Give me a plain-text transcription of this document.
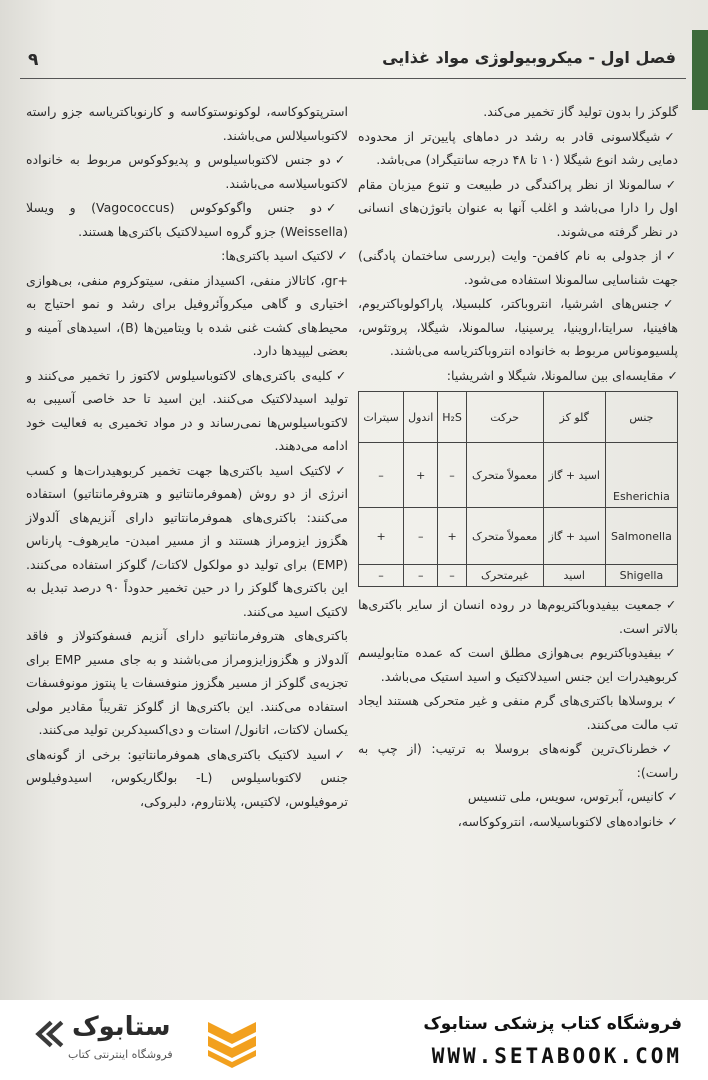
۹	فصل اول - میکروبیولوژی مواد غذایی

گلوکز را بدون تولید گاز تخمیر می‌کند.

✓شیگلاسونی قادر به رشد در دماهای پایین‌تر از محدوده دمایی رشد انوع شیگلا (۱۰ تا ۴۸ درجه سانتیگراد) می‌باشد.

✓سالمونلا از نظر پراکندگی در طبیعت و تنوع میزبان مقام اول را دارا می‌باشد و اغلب آنها به عنوان باتوژن‌های انسانی در نظر گرفته می‌شوند.

✓از جدولی به نام کافمن- وایت (بررسی ساختمان پادگنی) جهت شناسایی سالمونلا استفاده می‌شود.

✓جنس‌های اشرشیا، انتروباکتر، کلبسیلا، پاراکولوباکتریوم، هافینیا، سرایتا،اروینیا، یرسینیا، سالمونلا، شیگلا، پروتئوس، پلسیوموناس مربوط به خانواده انتروباکتریاسه می‌باشند.

✓مقایسه‌ای بین سالمونلا، شیگلا و اشریشیا:

جنس	گلو کز	حرکت	H₂S	اندول	سیترات
Esherichia	اسید + گاز	معمولاً متحرک	–	+	–
Salmonella	اسید + گاز	معمولاً متحرک	+	–	+
Shigella	اسید	غیرمتحرک	–	–	–

✓جمعیت بیفیدوباکتریوم‌ها در روده انسان از سایر باکتری‌ها بالاتر است.

✓بیفیدوباکتریوم بی‌هوازی مطلق است که عمده متابولیسم کربوهیدرات این جنس اسیدلاکتیک و اسید استیک می‌باشد.

✓بروسلاها باکتری‌های گرم منفی و غیر متحرکی هستند ایجاد تب مالت می‌کنند.

✓خطرناک‌ترین گونه‌های بروسلا به ترتیب: (از چپ به راست):

✓کانیس، آبرتوس، سویس، ملی تنسیس

✓خانواده‌های لاکتوباسیلاسه، انتروکوکاسه،

استرپتوکوکاسه، لوکونوستوکاسه و کارنوباکتریاسه جزو راسته لاکتوباسیلالس می‌باشند.

✓دو جنس لاکتوباسیلوس و پدیوکوکوس مربوط به خانواده لاکتوباسیلاسه می‌باشند.

✓دو جنس واگوکوکوس (Vagococcus) و ویسلا (Weissella) جزو گروه اسیدلاکتیک باکتری‌ها هستند.

✓لاکتیک اسید باکتری‌ها:

+gr، کاتالاز منفی، اکسیداز منفی، سیتوکروم منفی، بی‌هوازی اختیاری و گاهی میکروآئروفیل برای رشد و نمو احتیاج به محیط‌های کشت غنی شده با ویتامین‌ها (B)، اسیدهای آمینه و بعضی لیپیدها دارد.

✓کلیه‌ی باکتری‌های لاکتوباسیلوس لاکتوز را تخمیر می‌کنند و تولید اسیدلاکتیک می‌کنند. این اسید تا حد خاصی آسیبی به لاکتوباسیلوس‌ها نمی‌رساند و در مواد تخمیری به فعالیت خود ادامه می‌دهند.

✓لاکتیک اسید باکتری‌ها جهت تخمیر کربوهیدرات‌ها و کسب انرژی از دو روش (هموفرمانتاتیو و هتروفرمانتاتیو) استفاده می‌کنند: باکتری‌های هموفرمانتاتیو دارای آنزیم‌های آلدولاز هگزوز ایزومراز هستند و از مسیر امبدن- مایرهوف- پارناس (EMP) برای تولید دو مولکول لاکتات/ گلوکز استفاده می‌کنند. این باکتری‌ها گلوکز را در حین تخمیر حدوداً ۹۰ درصد تبدیل به لاکتیک اسید می‌کنند.

باکتری‌های هتروفرمانتاتیو دارای آنزیم فسفوکتولاز و فاقد آلدولاز و هگزوزایزومراز می‌باشند و به جای مسیر EMP برای تجزیه‌ی گلوکز از مسیر هگزوز منوفسفات یا پنتوز مونوفسفات استفاده می‌کنند. این باکتری‌ها از گلوکز تقریباً مقادیر مولی یکسان لاکتات، اتانول/ استات و دی‌اکسیدکربن تولید می‌کنند.

✓اسید لاکتیک باکتری‌های هموفرمانتاتیو: برخی از گونه‌های جنس لاکتوباسیلوس (L- بولگاریکوس، اسیدوفیلوس ترموفیلوس، لاکتیس، پلانتاروم، دلبروکی،

ستابوک
فروشگاه اینترنتی کتاب
فروشگاه کتاب پزشکی ستابوک
WWW.SETABOOK.COM
